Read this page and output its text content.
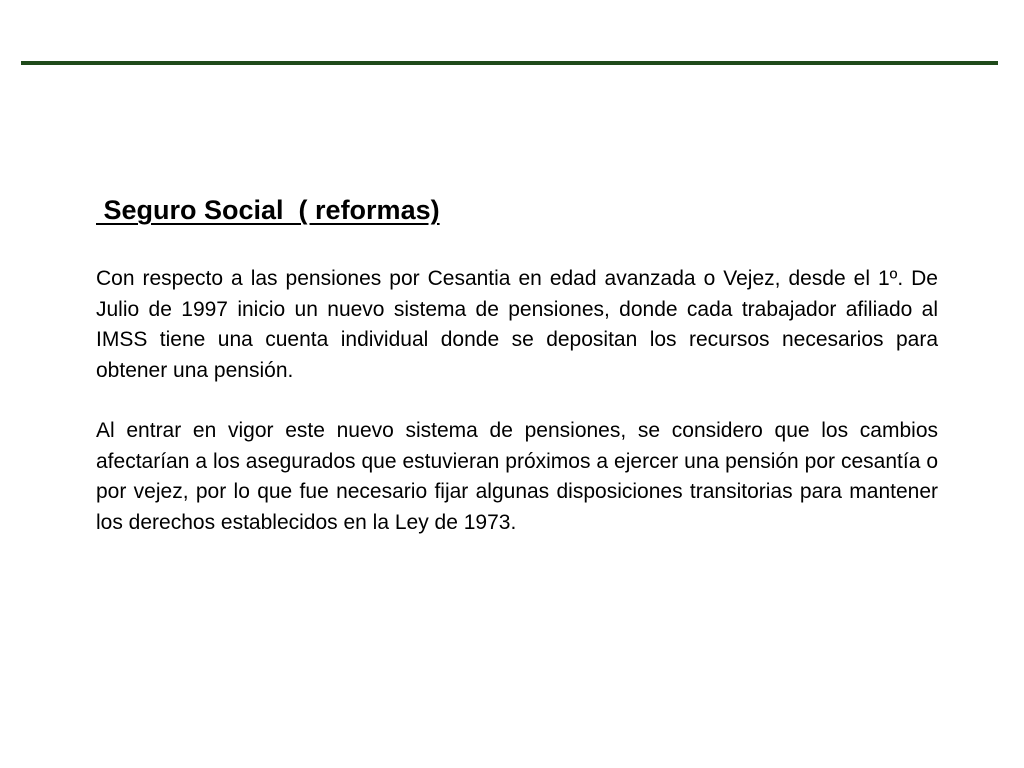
Seguro Social  ( reformas)

Con respecto a las pensiones por Cesantia en edad avanzada o Vejez, desde el 1º. De Julio de 1997 inicio un nuevo sistema de pensiones, donde cada trabajador afiliado al IMSS tiene una cuenta individual donde se depositan los recursos necesarios para obtener una pensión.

Al entrar en vigor este nuevo sistema de pensiones, se considero que los cambios afectarían a los asegurados que estuvieran próximos a ejercer una pensión por cesantía o por vejez, por lo que fue necesario fijar algunas disposiciones transitorias para mantener los derechos establecidos en la Ley de 1973.
